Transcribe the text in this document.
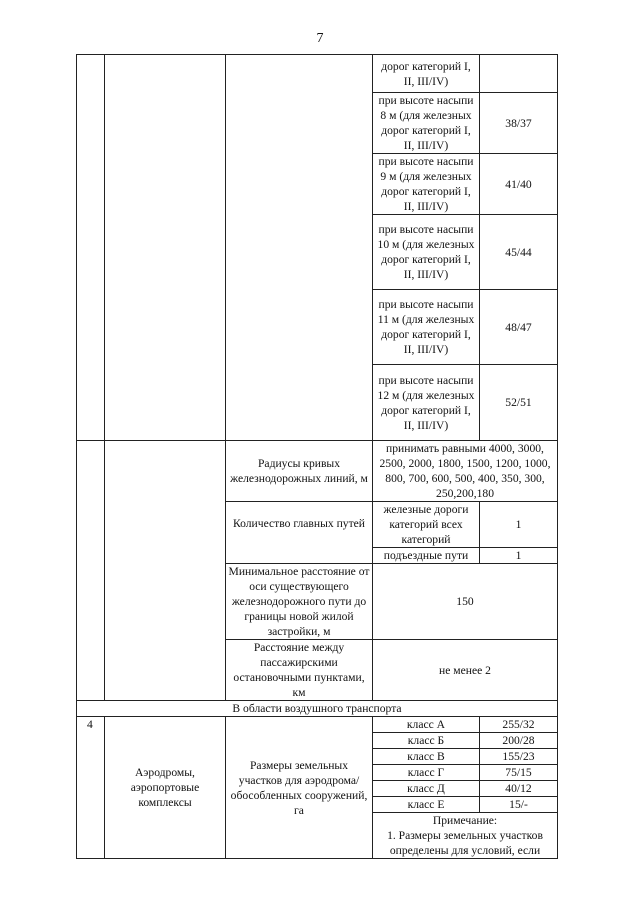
7
			дорог категорий I, II, III/IV)	
			при высоте насыпи 8 м (для железных дорог категорий I, II, III/IV)	38/37
			при высоте насыпи 9 м (для железных дорог категорий I, II, III/IV)	41/40
			при высоте насыпи 10 м (для железных дорог категорий I, II, III/IV)	45/44
			при высоте насыпи 11 м (для железных дорог категорий I, II, III/IV)	48/47
			при высоте насыпи 12 м (для железных дорог категорий I, II, III/IV)	52/51
		Радиусы кривых железнодорожных линий, м	принимать равными 4000, 3000, 2500, 2000, 1800, 1500, 1200, 1000, 800, 700, 600, 500, 400, 350, 300, 250,200,180	
		Количество главных путей	железные дороги категорий всех категорий	1
			подъездные пути	1
		Минимальное расстояние от оси существующего железнодорожного пути до границы новой жилой застройки, м	150	
		Расстояние между пассажирскими остановочными пунктами, км	не менее 2	
В области воздушного транспорта				
4	Аэродромы, аэропортовые комплексы	Размеры земельных участков для аэродрома/обособленных сооружений, га	класс А	255/32
			класс Б	200/28
			класс В	155/23
			класс Г	75/15
			класс Д	40/12
			класс Е	15/-

			Примечание:
1. Размеры земельных участков определены для условий, если	
